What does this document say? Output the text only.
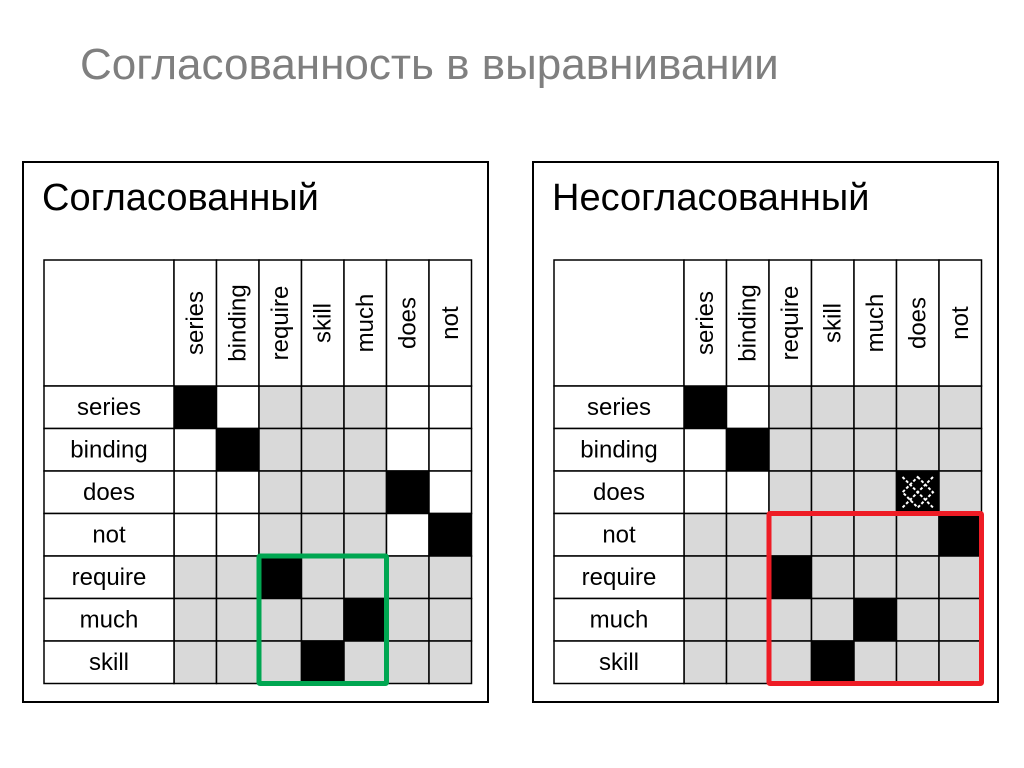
Согласованность в выравнивании
Согласованный
series binding require skill much does not
series
binding
does
not
require
much
skill
Несогласованный
series binding require skill much does not
series
binding
does
not
require
much
skill
